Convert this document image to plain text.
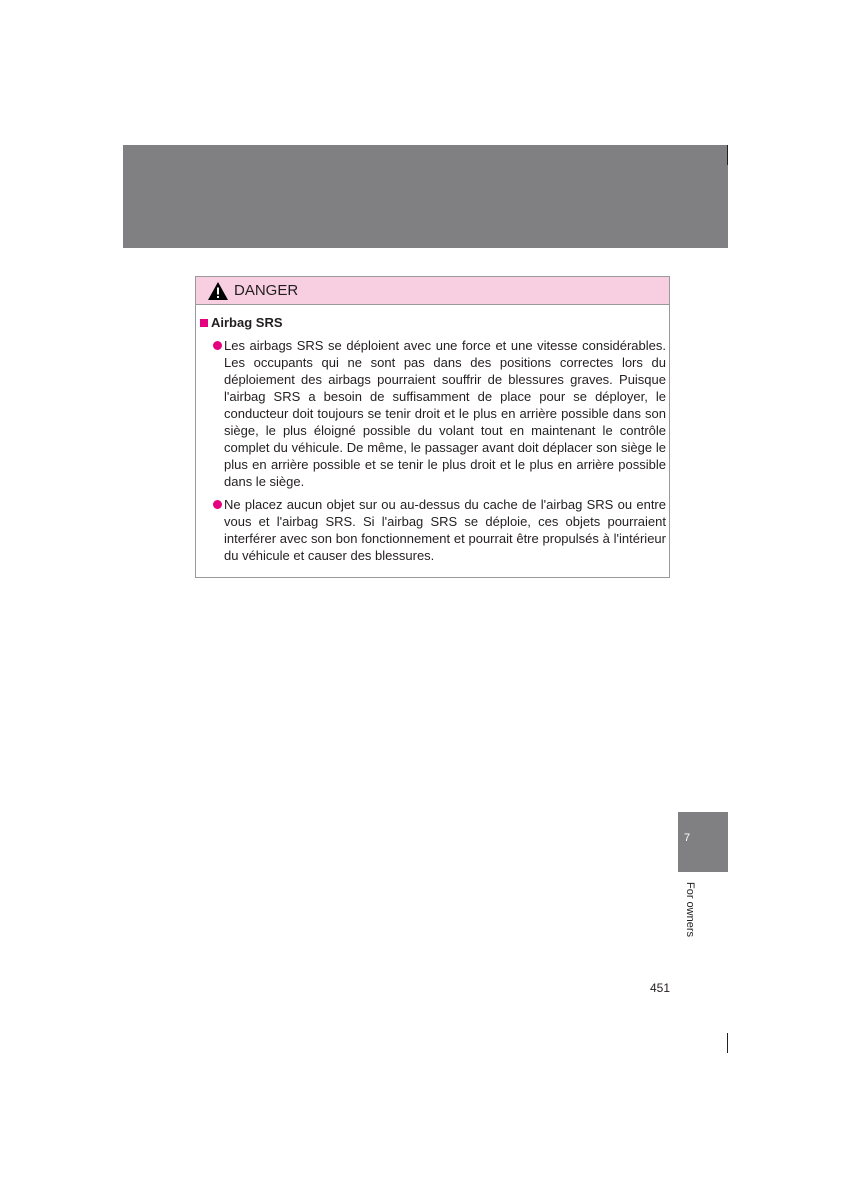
DANGER
Airbag SRS
Les airbags SRS se déploient avec une force et une vitesse considérables. Les occupants qui ne sont pas dans des positions correctes lors du déploiement des airbags pourraient souffrir de blessures graves. Puisque l'airbag SRS a besoin de suffisamment de place pour se déployer, le conducteur doit toujours se tenir droit et le plus en arrière possible dans son siège, le plus éloigné possible du volant tout en maintenant le contrôle complet du véhicule. De même, le passager avant doit déplacer son siège le plus en arrière possible et se tenir le plus droit et le plus en arrière possible dans le siège.
Ne placez aucun objet sur ou au-dessus du cache de l'airbag SRS ou entre vous et l'airbag SRS. Si l'airbag SRS se déploie, ces objets pourraient interférer avec son bon fonctionnement et pourrait être propulsés à l'intérieur du véhicule et causer des blessures.
7
For owners
451
